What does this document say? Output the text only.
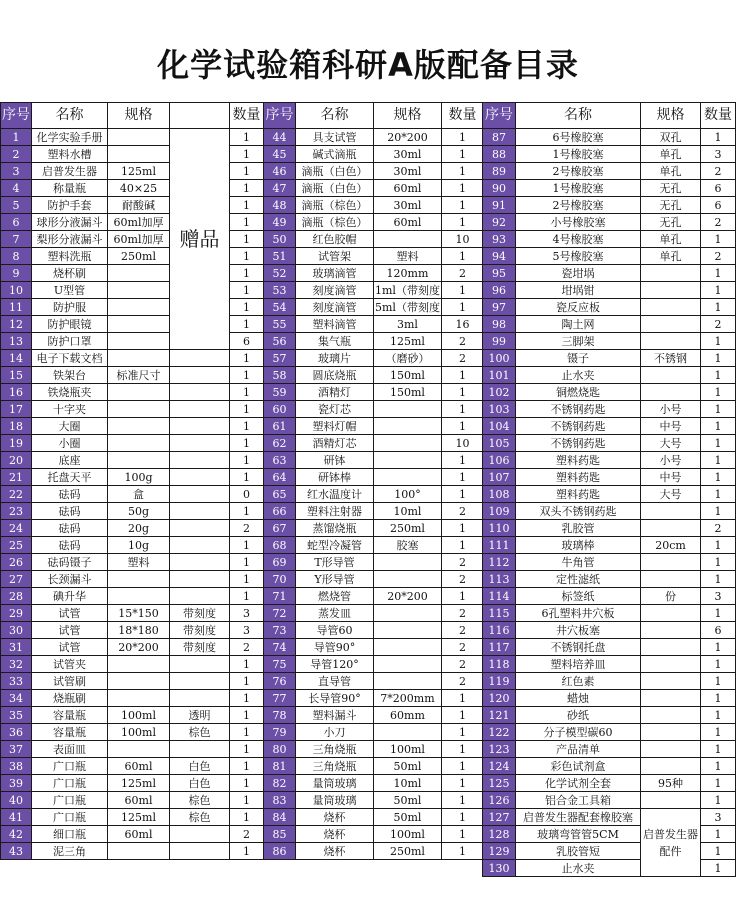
化学试验箱科研A版配备目录
序号	名称	规格		数量
1	化学实验手册		赠品	1
2	塑料水槽			1
3	启普发生器	125ml		1
4	称量瓶	40×25		1
5	防护手套	耐酸碱		1
6	球形分液漏斗	60ml加厚		1
7	梨形分液漏斗	60ml加厚		1
8	塑料洗瓶	250ml		1
9	烧杯刷			1
10	U型管			1
11	防护服			1
12	防护眼镜			1
13	防护口罩			6
14	电子下载文档			1
15	铁架台	标准尺寸		1
16	铁烧瓶夹			1
17	十字夹			1
18	大圈			1
19	小圈			1
20	底座			1
21	托盘天平	100g		1
22	砝码	盒		0
23	砝码	50g		1
24	砝码	20g		2
25	砝码	10g		1
26	砝码镊子	塑料		1
27	长颈漏斗			1
28	碘升华			1
29	试管	15*150	带刻度	3
30	试管	18*180	带刻度	3
31	试管	20*200	带刻度	2
32	试管夹			1
33	试管刷			1
34	烧瓶刷			1
35	容量瓶	100ml	透明	1
36	容量瓶	100ml	棕色	1
37	表面皿			1
38	广口瓶	60ml	白色	1
39	广口瓶	125ml	白色	1
40	广口瓶	60ml	棕色	1
41	广口瓶	125ml	棕色	1
42	细口瓶	60ml		2
43	泥三角			1
序号	名称	规格	数量
44	具支试管	20*200	1
45	碱式滴瓶	30ml	1
46	滴瓶（白色）	30ml	1
47	滴瓶（白色）	60ml	1
48	滴瓶（棕色）	30ml	1
49	滴瓶（棕色）	60ml	1
50	红色胶帽		10
51	试管架	塑料	1
52	玻璃滴管	120mm	2
53	刻度滴管	1ml（带刻度	1
54	刻度滴管	5ml（带刻度	1
55	塑料滴管	3ml	16
56	集气瓶	125ml	2
57	玻璃片	（磨砂）	2
58	圆底烧瓶	150ml	1
59	酒精灯	150ml	1
60	瓷灯芯		1
61	塑料灯帽		1
62	酒精灯芯		10
63	研钵		1
64	研钵棒		1
65	红水温度计	100°	1
66	塑料注射器	10ml	2
67	蒸馏烧瓶	250ml	1
68	蛇型冷凝管	胶塞	1
69	T形导管		2
70	Y形导管		2
71	燃烧管	20*200	1
72	蒸发皿		2
73	导管60		2
74	导管90°		2
75	导管120°		2
76	直导管		2
77	长导管90°	7*200mm	1
78	塑料漏斗	60mm	1
79	小刀		1
80	三角烧瓶	100ml	1
81	三角烧瓶	50ml	1
82	量筒玻璃	10ml	1
83	量筒玻璃	50ml	1
84	烧杯	50ml	1
85	烧杯	100ml	1
86	烧杯	250ml	1
序号	名称	规格	数量
87	6号橡胶塞	双孔	1
88	1号橡胶塞	单孔	3
89	2号橡胶塞	单孔	2
90	1号橡胶塞	无孔	6
91	2号橡胶塞	无孔	6
92	小号橡胶塞	无孔	2
93	4号橡胶塞	单孔	1
94	5号橡胶塞	单孔	2
95	瓷坩埚		1
96	坩埚钳		1
97	瓷反应板		1
98	陶土网		2
99	三脚架		1
100	镊子	不锈钢	1
101	止水夹		1
102	铜燃烧匙		1
103	不锈钢药匙	小号	1
104	不锈钢药匙	中号	1
105	不锈钢药匙	大号	1
106	塑料药匙	小号	1
107	塑料药匙	中号	1
108	塑料药匙	大号	1
109	双头不锈钢药匙		1
110	乳胶管		2
111	玻璃棒	20cm	1
112	牛角管		1
113	定性滤纸		1
114	标签纸	份	3
115	6孔塑料井穴板		1
116	井穴板塞		6
117	不锈钢托盘		1
118	塑料培养皿		1
119	红色素		1
120	蜡烛		1
121	砂纸		1
122	分子模型碳60		1
123	产品清单		1
124	彩色试剂盒		1
125	化学试剂全套	95种	1
126	铝合金工具箱		1
127	启普发生器配套橡胶塞	启普发生器配件	3
128	玻璃弯管管5CM		1
129	乳胶管短		1
130	止水夹		1
